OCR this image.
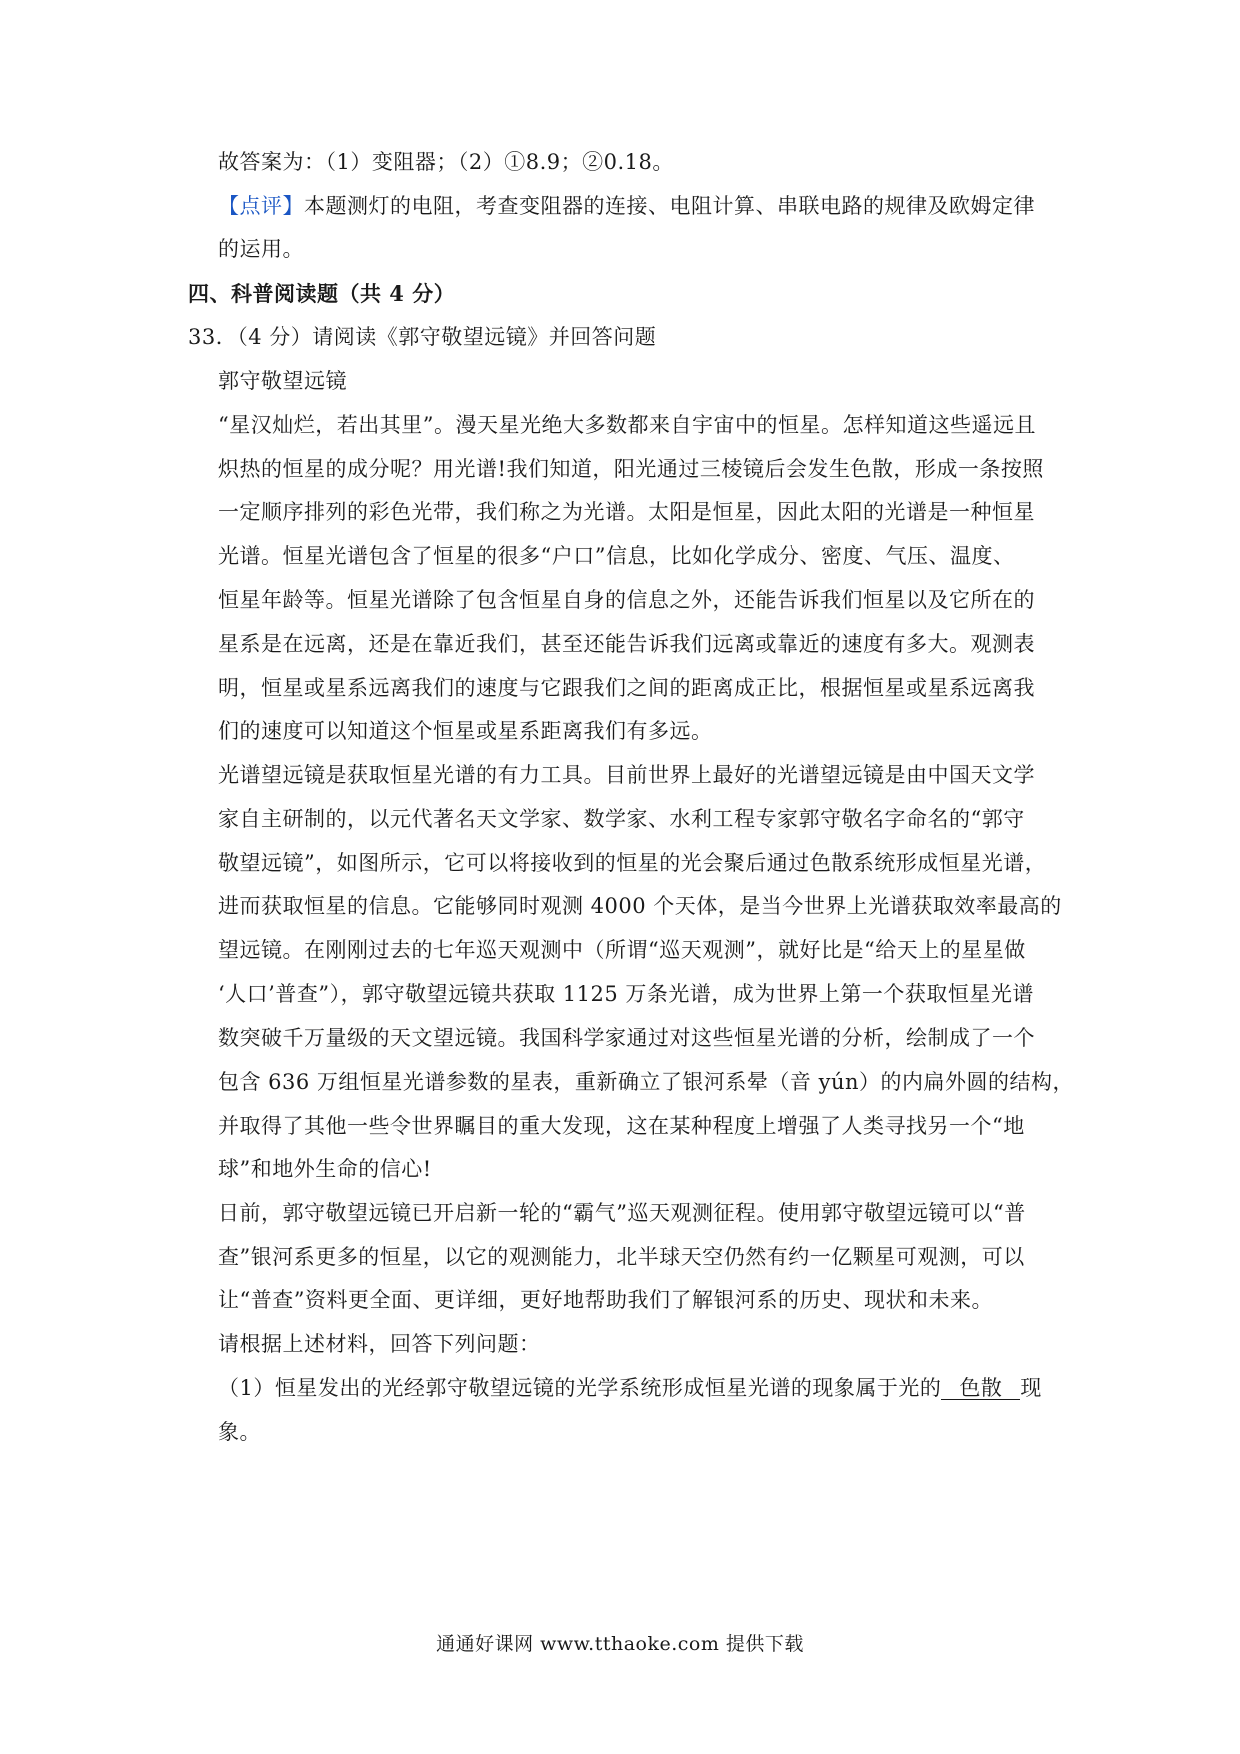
故答案为：（1）变阻器；（2）①8.9；②0.18。
【点评】本题测灯的电阻，考查变阻器的连接、电阻计算、串联电路的规律及欧姆定律
的运用。
四、科普阅读题（共 4 分）
33．（4 分）请阅读《郭守敬望远镜》并回答问题
郭守敬望远镜
“星汉灿烂，若出其里”。漫天星光绝大多数都来自宇宙中的恒星。怎样知道这些遥远且
炽热的恒星的成分呢？用光谱!我们知道，阳光通过三棱镜后会发生色散，形成一条按照
一定顺序排列的彩色光带，我们称之为光谱。太阳是恒星，因此太阳的光谱是一种恒星
光谱。恒星光谱包含了恒星的很多“户口”信息，比如化学成分、密度、气压、温度、
恒星年龄等。恒星光谱除了包含恒星自身的信息之外，还能告诉我们恒星以及它所在的
星系是在远离，还是在靠近我们，甚至还能告诉我们远离或靠近的速度有多大。观测表
明，恒星或星系远离我们的速度与它跟我们之间的距离成正比，根据恒星或星系远离我
们的速度可以知道这个恒星或星系距离我们有多远。
光谱望远镜是获取恒星光谱的有力工具。目前世界上最好的光谱望远镜是由中国天文学
家自主研制的，以元代著名天文学家、数学家、水利工程专家郭守敬名字命名的“郭守
敬望远镜”，如图所示，它可以将接收到的恒星的光会聚后通过色散系统形成恒星光谱，
进而获取恒星的信息。它能够同时观测 4000 个天体，是当今世界上光谱获取效率最高的
望远镜。在刚刚过去的七年巡天观测中（所谓“巡天观测”，就好比是“给天上的星星做
‘人口’普查”），郭守敬望远镜共获取 1125 万条光谱，成为世界上第一个获取恒星光谱
数突破千万量级的天文望远镜。我国科学家通过对这些恒星光谱的分析，绘制成了一个
包含 636 万组恒星光谱参数的星表，重新确立了银河系晕（音 yún）的内扁外圆的结构，
并取得了其他一些令世界瞩目的重大发现，这在某种程度上增强了人类寻找另一个“地
球”和地外生命的信心!
日前，郭守敬望远镜已开启新一轮的“霸气”巡天观测征程。使用郭守敬望远镜可以“普
查”银河系更多的恒星，以它的观测能力，北半球天空仍然有约一亿颗星可观测，可以
让“普查”资料更全面、更详细，更好地帮助我们了解银河系的历史、现状和未来。
请根据上述材料，回答下列问题：
（1）恒星发出的光经郭守敬望远镜的光学系统形成恒星光谱的现象属于光的 色散 现
象。
通通好课网 www.tthaoke.com 提供下载
